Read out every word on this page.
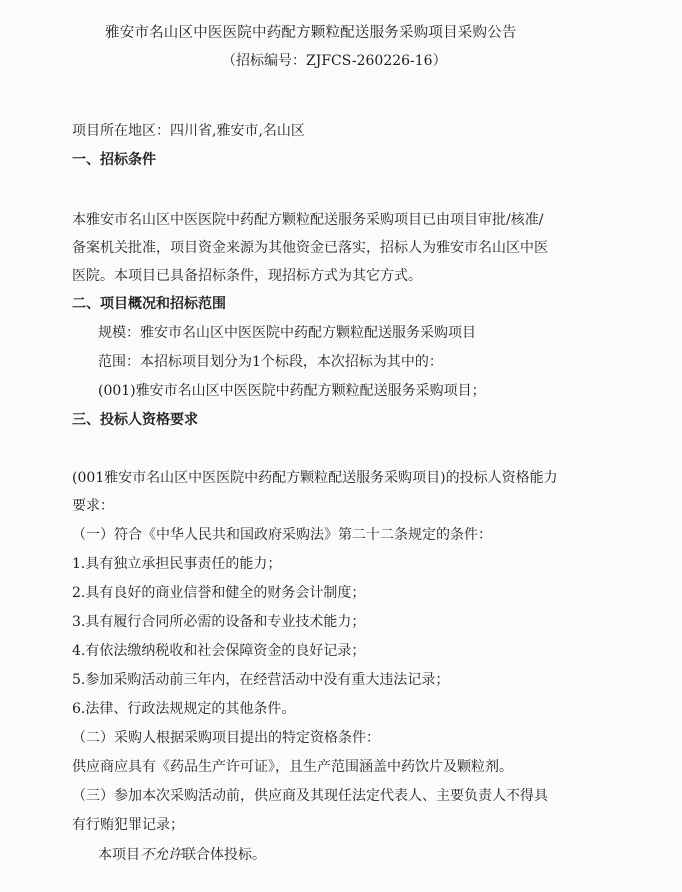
雅安市名山区中医医院中药配方颗粒配送服务采购项目采购公告
（招标编号：ZJFCS-260226-16）
项目所在地区：四川省,雅安市,名山区
一、招标条件
本雅安市名山区中医医院中药配方颗粒配送服务采购项目已由项目审批/核准/
备案机关批准，项目资金来源为其他资金已落实，招标人为雅安市名山区中医
医院。本项目已具备招标条件，现招标方式为其它方式。
二、项目概况和招标范围
规模：雅安市名山区中医医院中药配方颗粒配送服务采购项目
范围：本招标项目划分为1个标段，本次招标为其中的：
(001)雅安市名山区中医医院中药配方颗粒配送服务采购项目；
三、投标人资格要求
(001雅安市名山区中医医院中药配方颗粒配送服务采购项目)的投标人资格能力
要求：
（一）符合《中华人民共和国政府采购法》第二十二条规定的条件：
1.具有独立承担民事责任的能力；
2.具有良好的商业信誉和健全的财务会计制度；
3.具有履行合同所必需的设备和专业技术能力；
4.有依法缴纳税收和社会保障资金的良好记录；
5.参加采购活动前三年内，在经营活动中没有重大违法记录；
6.法律、行政法规规定的其他条件。
（二）采购人根据采购项目提出的特定资格条件：
供应商应具有《药品生产许可证》，且生产范围涵盖中药饮片及颗粒剂。
（三）参加本次采购活动前，供应商及其现任法定代表人、主要负责人不得具
有行贿犯罪记录；
本项目不允许联合体投标。
